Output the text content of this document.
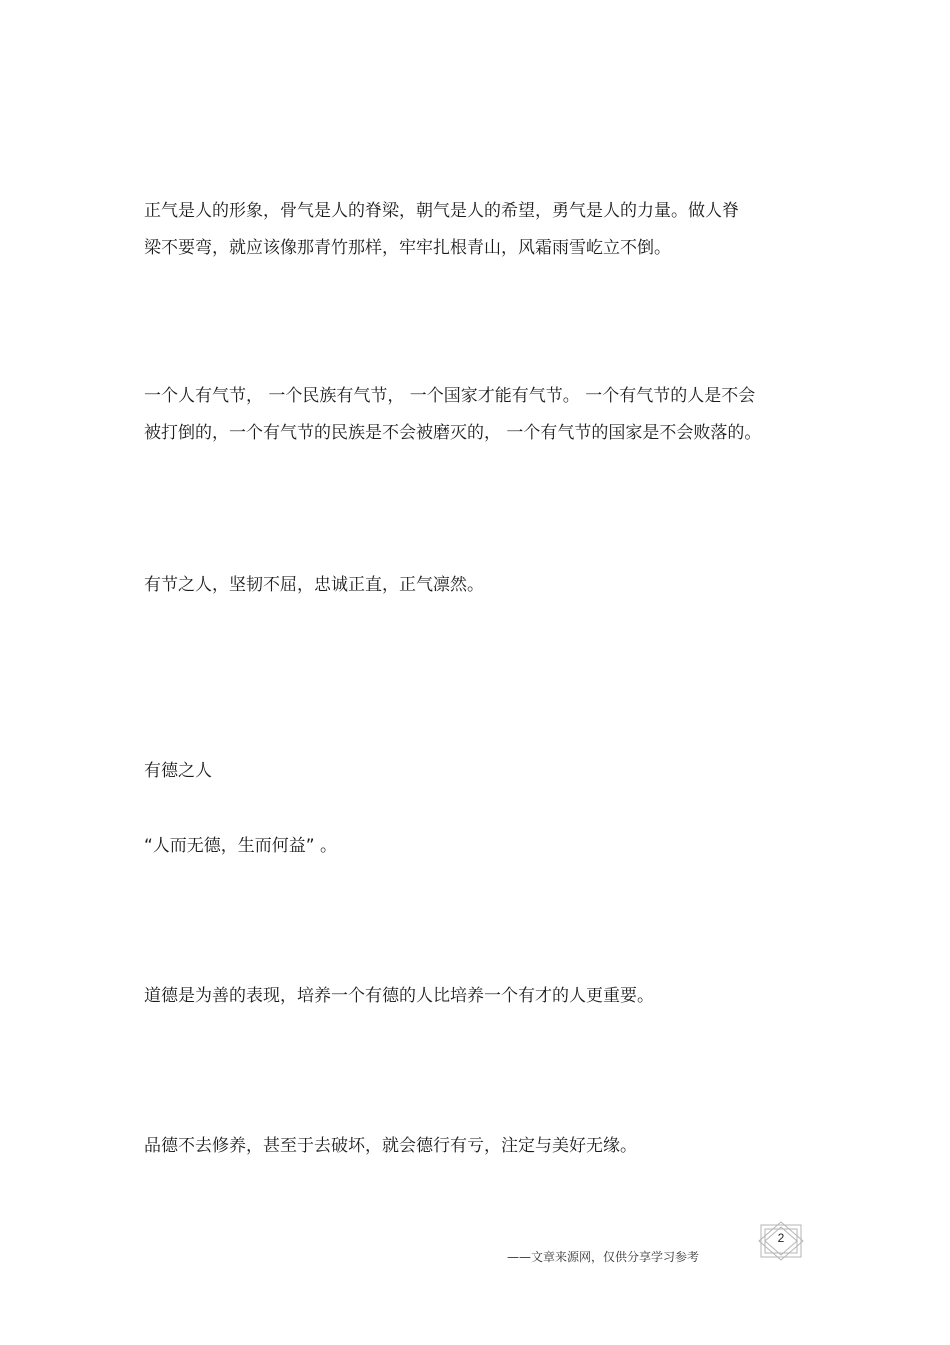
正气是人的形象，骨气是人的脊梁，朝气是人的希望，勇气是人的力量。做人脊
梁不要弯，就应该像那青竹那样，牢牢扎根青山，风霜雨雪屹立不倒。

一个人有气节， 一个民族有气节， 一个国家才能有气节。 一个有气节的人是不会
被打倒的，一个有气节的民族是不会被磨灭的， 一个有气节的国家是不会败落的。

有节之人，坚韧不屈，忠诚正直，正气凛然。

有德之人

“人而无德，生而何益” 。

道德是为善的表现，培养一个有德的人比培养一个有才的人更重要。

品德不去修养，甚至于去破坏，就会德行有亏，注定与美好无缘。

——文章来源网，仅供分享学习参考
2
